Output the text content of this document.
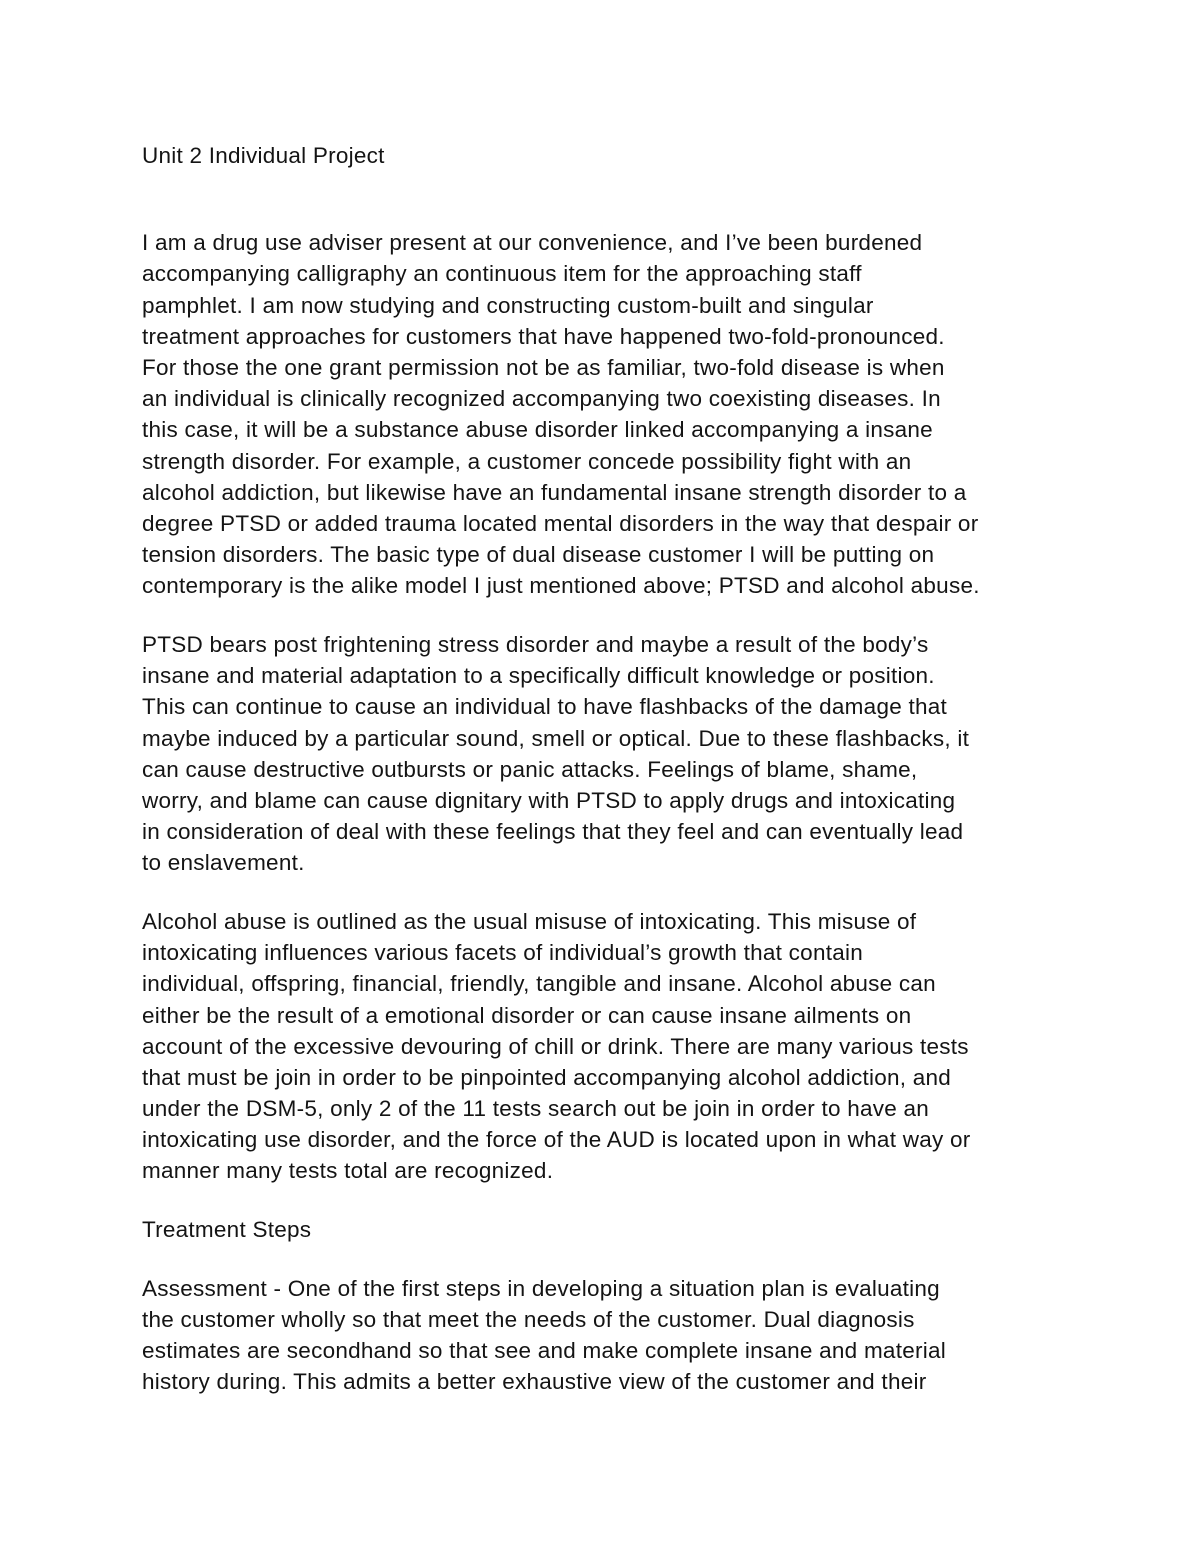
Unit 2 Individual Project
I am a drug use adviser present at our convenience, and I’ve been burdened
accompanying calligraphy an continuous item for the approaching staff
pamphlet. I am now studying and constructing custom-built and singular
treatment approaches for customers that have happened two-fold-pronounced.
For those the one grant permission not be as familiar, two-fold disease is when
an individual is clinically recognized accompanying two coexisting diseases. In
this case, it will be a substance abuse disorder linked accompanying a insane
strength disorder. For example, a customer concede possibility fight with an
alcohol addiction, but likewise have an fundamental insane strength disorder to a
degree PTSD or added trauma located mental disorders in the way that despair or
tension disorders. The basic type of dual disease customer I will be putting on
contemporary is the alike model I just mentioned above; PTSD and alcohol abuse.
PTSD bears post frightening stress disorder and maybe a result of the body’s
insane and material adaptation to a specifically difficult knowledge or position.
This can continue to cause an individual to have flashbacks of the damage that
maybe induced by a particular sound, smell or optical. Due to these flashbacks, it
can cause destructive outbursts or panic attacks. Feelings of blame, shame,
worry, and blame can cause dignitary with PTSD to apply drugs and intoxicating
in consideration of deal with these feelings that they feel and can eventually lead
to enslavement.
Alcohol abuse is outlined as the usual misuse of intoxicating. This misuse of
intoxicating influences various facets of individual’s growth that contain
individual, offspring, financial, friendly, tangible and insane. Alcohol abuse can
either be the result of a emotional disorder or can cause insane ailments on
account of the excessive devouring of chill or drink. There are many various tests
that must be join in order to be pinpointed accompanying alcohol addiction, and
under the DSM-5, only 2 of the 11 tests search out be join in order to have an
intoxicating use disorder, and the force of the AUD is located upon in what way or
manner many tests total are recognized.
Treatment Steps
Assessment - One of the first steps in developing a situation plan is evaluating
the customer wholly so that meet the needs of the customer. Dual diagnosis
estimates are secondhand so that see and make complete insane and material
history during. This admits a better exhaustive view of the customer and their
